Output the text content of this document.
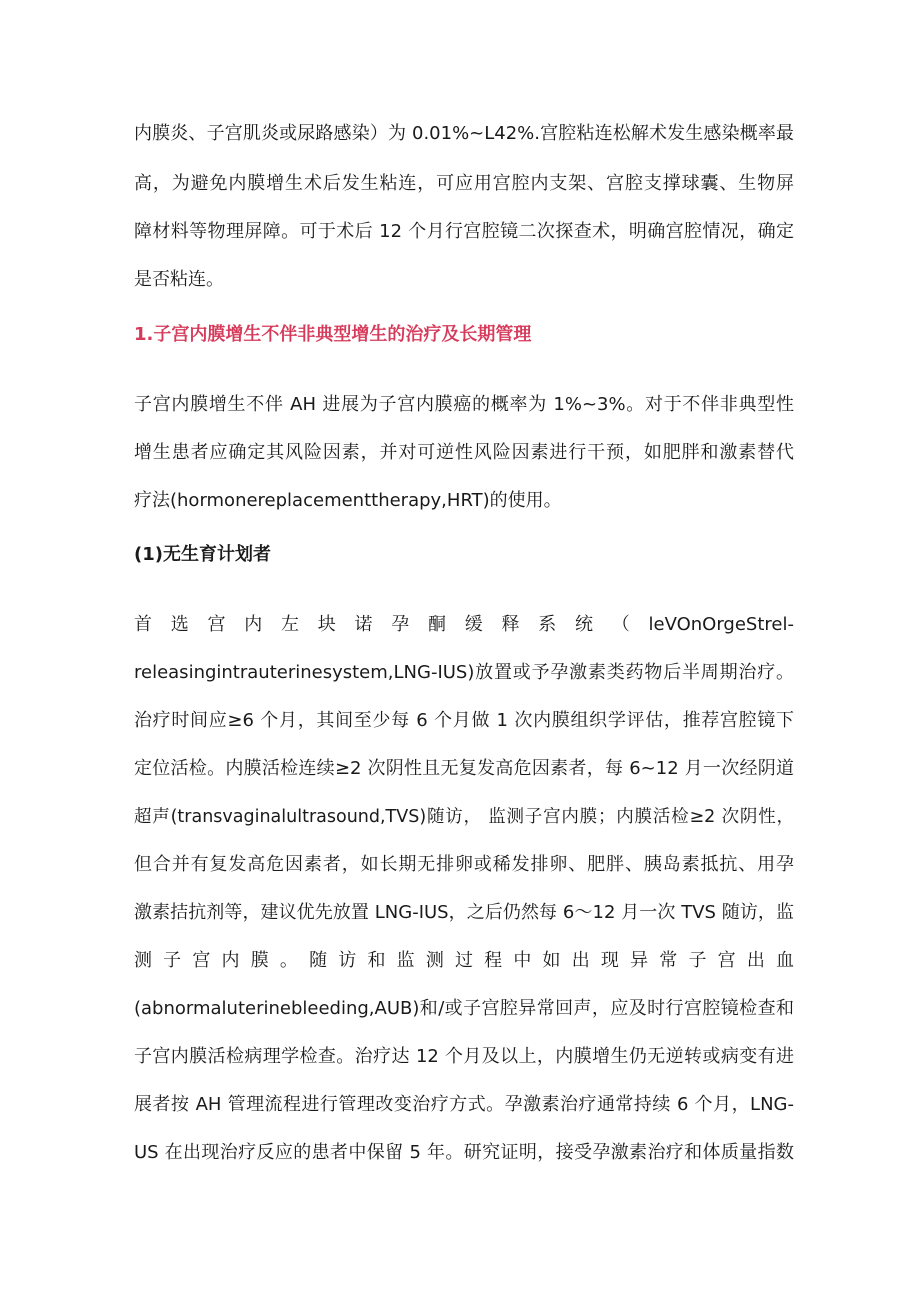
内膜炎、子宫肌炎或尿路感染）为 0.01%~L42%.宫腔粘连松解术发生感染概率最
高，为避免内膜增生术后发生粘连，可应用宫腔内支架、宫腔支撑球囊、生物屏
障材料等物理屏障。可于术后 12 个月行宫腔镜二次探查术，明确宫腔情况，确定
是否粘连。
1.子宫内膜增生不伴非典型增生的治疗及长期管理
子宫内膜增生不伴 AH 进展为子宫内膜癌的概率为 1%~3%。对于不伴非典型性
增生患者应确定其风险因素，并对可逆性风险因素进行干预，如肥胖和激素替代
疗法(hormonereplacementtherapy,HRT)的使用。
(1)无生育计划者
首选宫内左块诺孕酮缓释系统（leVOnOrgeStrel-
releasingintrauterinesystem,LNG-IUS)放置或予孕激素类药物后半周期治疗。
治疗时间应≥6 个月，其间至少每 6 个月做 1 次内膜组织学评估，推荐宫腔镜下
定位活检。内膜活检连续≥2 次阴性且无复发高危因素者，每 6~12 月一次经阴道
超声(transvaginalultrasound,TVS)随访， 监测子宫内膜；内膜活检≥2 次阴性，
但合并有复发高危因素者，如长期无排卵或稀发排卵、肥胖、胰岛素抵抗、用孕
激素拮抗剂等，建议优先放置 LNG-IUS，之后仍然每 6～12 月一次 TVS 随访，监
测子宫内膜。随访和监测过程中如出现异常子宫出血
(abnormaluterinebleeding,AUB)和/或子宫腔异常回声，应及时行宫腔镜检查和
子宫内膜活检病理学检查。治疗达 12 个月及以上，内膜增生仍无逆转或病变有进
展者按 AH 管理流程进行管理改变治疗方式。孕激素治疗通常持续 6 个月，LNG-
US 在出现治疗反应的患者中保留 5 年。研究证明，接受孕激素治疗和体质量指数
